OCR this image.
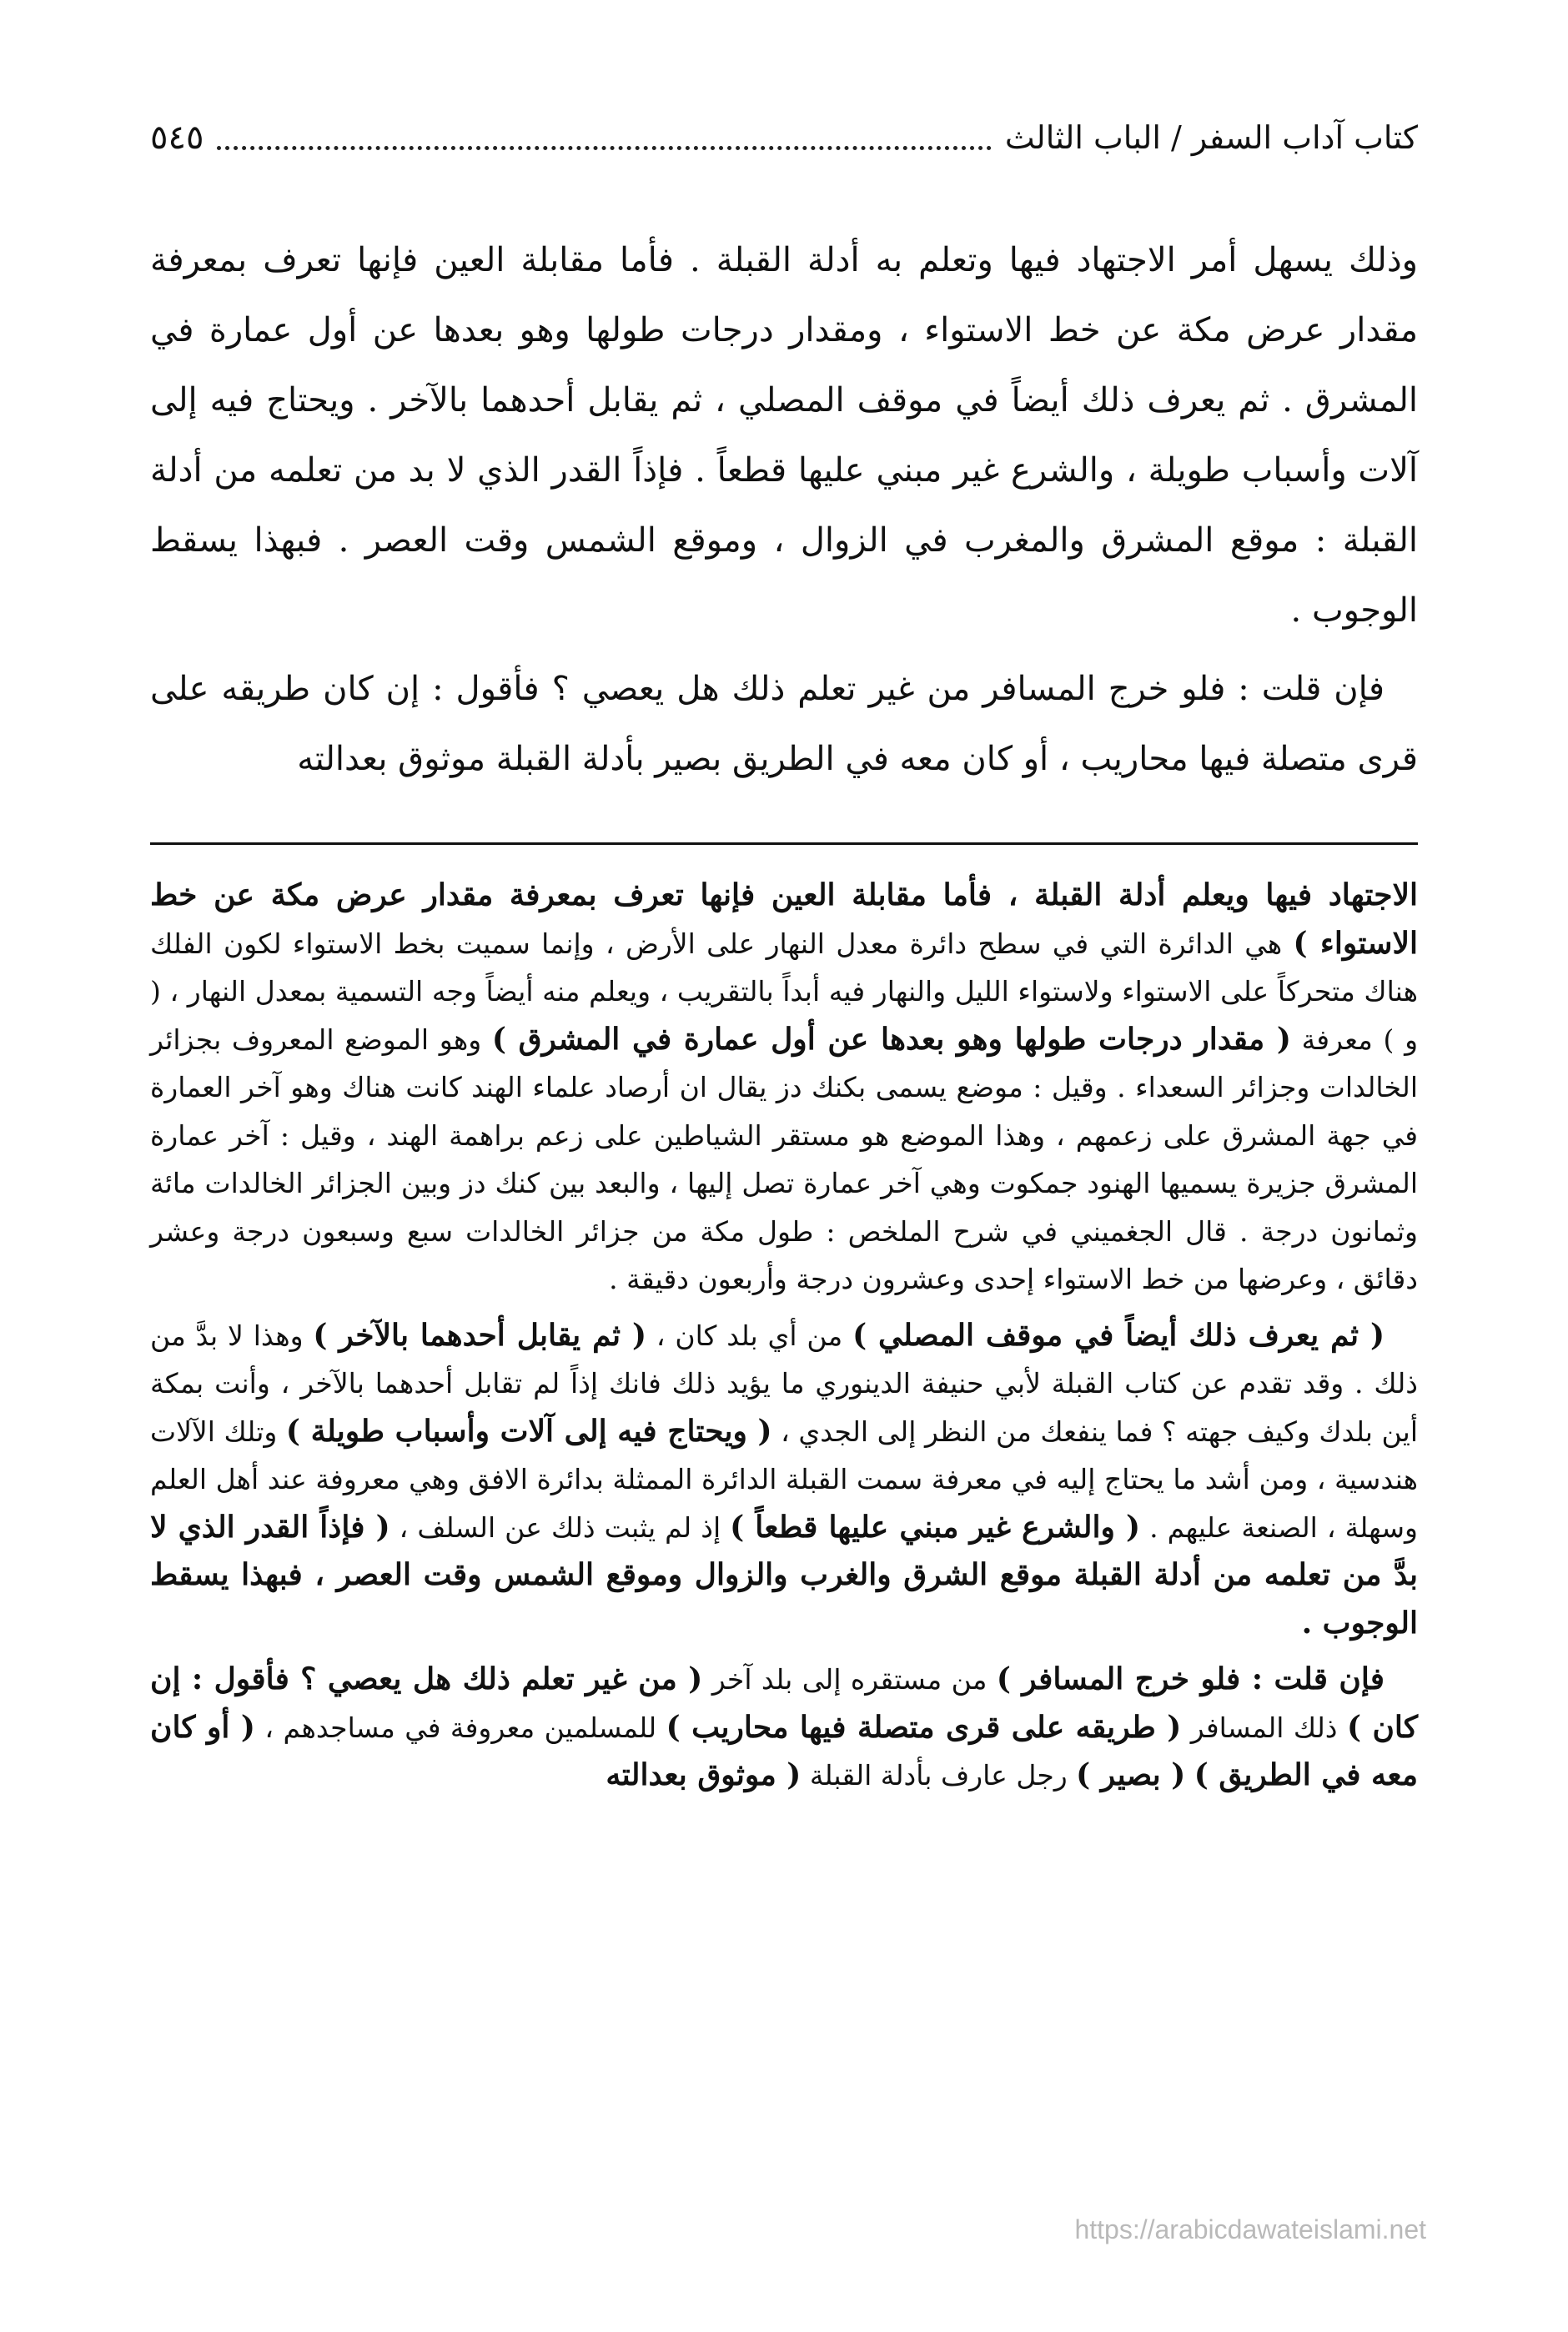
كتاب آداب السفر / الباب الثالث
٥٤٥

وذلك يسهل أمر الاجتهاد فيها وتعلم به أدلة القبلة . فأما مقابلة العين فإنها تعرف بمعرفة مقدار عرض مكة عن خط الاستواء ، ومقدار درجات طولها وهو بعدها عن أول عمارة في المشرق . ثم يعرف ذلك أيضاً في موقف المصلي ، ثم يقابل أحدهما بالآخر . ويحتاج فيه إلى آلات وأسباب طويلة ، والشرع غير مبني عليها قطعاً . فإذاً القدر الذي لا بد من تعلمه من أدلة القبلة : موقع المشرق والمغرب في الزوال ، وموقع الشمس وقت العصر . فبهذا يسقط الوجوب .

فإن قلت : فلو خرج المسافر من غير تعلم ذلك هل يعصي ؟ فأقول : إن كان طريقه على قرى متصلة فيها محاريب ، أو كان معه في الطريق بصير بأدلة القبلة موثوق بعدالته

الاجتهاد فيها ويعلم أدلة القبلة ، فأما مقابلة العين فإنها تعرف بمعرفة مقدار عرض مكة عن خط الاستواء ) هي الدائرة التي في سطح دائرة معدل النهار على الأرض ، وإنما سميت بخط الاستواء لكون الفلك هناك متحركاً على الاستواء ولاستواء الليل والنهار فيه أبداً بالتقريب ، ويعلم منه أيضاً وجه التسمية بمعدل النهار ، ( و ) معرفة ( مقدار درجات طولها وهو بعدها عن أول عمارة في المشرق ) وهو الموضع المعروف بجزائر الخالدات وجزائر السعداء . وقيل : موضع يسمى بكنك دز يقال ان أرصاد علماء الهند كانت هناك وهو آخر العمارة في جهة المشرق على زعمهم ، وهذا الموضع هو مستقر الشياطين على زعم براهمة الهند ، وقيل : آخر عمارة المشرق جزيرة يسميها الهنود جمكوت وهي آخر عمارة تصل إليها ، والبعد بين كنك دز وبين الجزائر الخالدات مائة وثمانون درجة . قال الجغميني في شرح الملخص : طول مكة من جزائر الخالدات سبع وسبعون درجة وعشر دقائق ، وعرضها من خط الاستواء إحدى وعشرون درجة وأربعون دقيقة .

( ثم يعرف ذلك أيضاً في موقف المصلي ) من أي بلد كان ، ( ثم يقابل أحدهما بالآخر ) وهذا لا بدَّ من ذلك . وقد تقدم عن كتاب القبلة لأبي حنيفة الدينوري ما يؤيد ذلك فانك إذاً لم تقابل أحدهما بالآخر ، وأنت بمكة أين بلدك وكيف جهته ؟ فما ينفعك من النظر إلى الجدي ، ( ويحتاج فيه إلى آلات وأسباب طويلة ) وتلك الآلات هندسية ، ومن أشد ما يحتاج إليه في معرفة سمت القبلة الدائرة الممثلة بدائرة الافق وهي معروفة عند أهل العلم وسهلة ، الصنعة عليهم . ( والشرع غير مبني عليها قطعاً ) إذ لم يثبت ذلك عن السلف ، ( فإذاً القدر الذي لا بدَّ من تعلمه من أدلة القبلة موقع الشرق والغرب والزوال وموقع الشمس وقت العصر ، فبهذا يسقط الوجوب .

فإن قلت : فلو خرج المسافر ) من مستقره إلى بلد آخر ( من غير تعلم ذلك هل يعصي ؟ فأقول : إن كان ) ذلك المسافر ( طريقه على قرى متصلة فيها محاريب ) للمسلمين معروفة في مساجدهم ، ( أو كان معه في الطريق ) ( بصير ) رجل عارف بأدلة القبلة ( موثوق بعدالته

https://arabicdawateislami.net
